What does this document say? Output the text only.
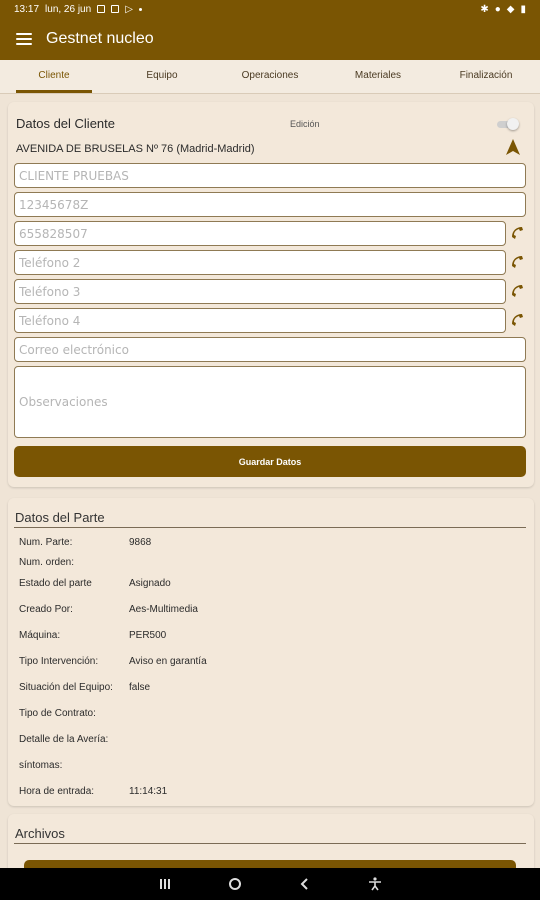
13:17 lun, 26 jun	▷	✱ ● ◆ ▮
Gestnet nucleo
Cliente	Equipo	Operaciones	Materiales	Finalización
Datos del Cliente	Edición
AVENIDA DE BRUSELAS Nº 76 (Madrid-Madrid)
CLIENTE PRUEBAS
12345678Z
655828507
Teléfono 2
Teléfono 3
Teléfono 4
Correo electrónico
Observaciones
Guardar Datos
Datos del Parte
Num. Parte:	9868
Num. orden:
Estado del parte	Asignado
Creado Por:	Aes-Multimedia
Máquina:	PER500
Tipo Intervención:	Aviso en garantía
Situación del Equipo:	false
Tipo de Contrato:
Detalle de la Avería:
síntomas:
Hora de entrada:	11:14:31
Archivos
